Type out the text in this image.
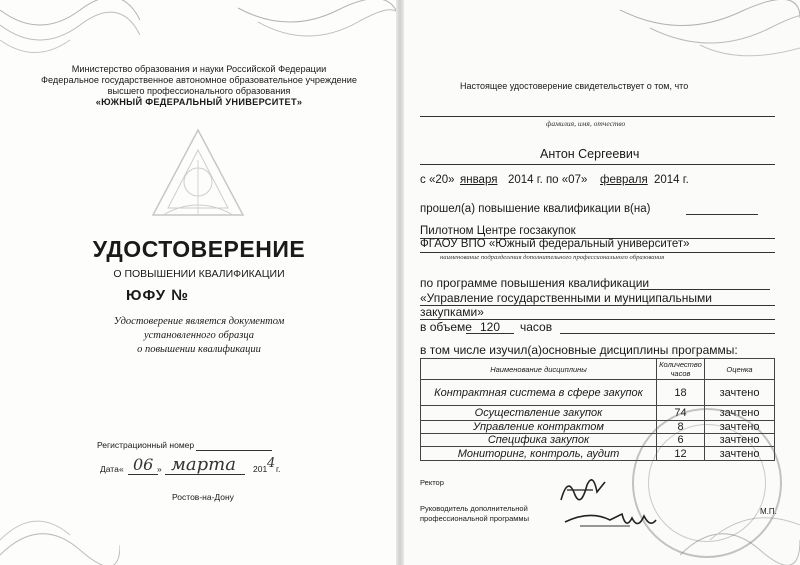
Министерство образования и науки Российской Федерации
Федеральное государственное автономное образовательное учреждение
высшего профессионального образования
«ЮЖНЫЙ ФЕДЕРАЛЬНЫЙ УНИВЕРСИТЕТ»
УДОСТОВЕРЕНИЕ
О ПОВЫШЕНИИ КВАЛИФИКАЦИИ
ЮФУ №
Удостоверение является документом
установленного образца
о повышении квалификации
Регистрационный номер
Дата « 06 » марта 201 4 г.
Ростов-на-Дону
Настоящее удостоверение свидетельствует о том, что
фамилия, имя, отчество
Антон Сергеевич
с «20» января 2014 г. по «07» февраля 2014 г.
прошел(а) повышение квалификации в(на)
Пилотном Центре госзакупок
ФГАОУ ВПО «Южный федеральный университет»
наименование подразделения дополнительного профессионального образования
по программе повышения квалификации
«Управление государственными и муниципальными
закупками»
в объеме 120 часов
в том числе изучил(а)основные дисциплины программы:
Наименование дисциплины	Количество часов	Оценка
Контрактная система в сфере закупок	18	зачтено
Осуществление закупок	74	зачтено
Управление контрактом	8	зачтено
Специфика закупок	6	зачтено
Мониторинг, контроль, аудит	12	зачтено
Ректор
Руководитель дополнительной
профессиональной программы
М.П.
